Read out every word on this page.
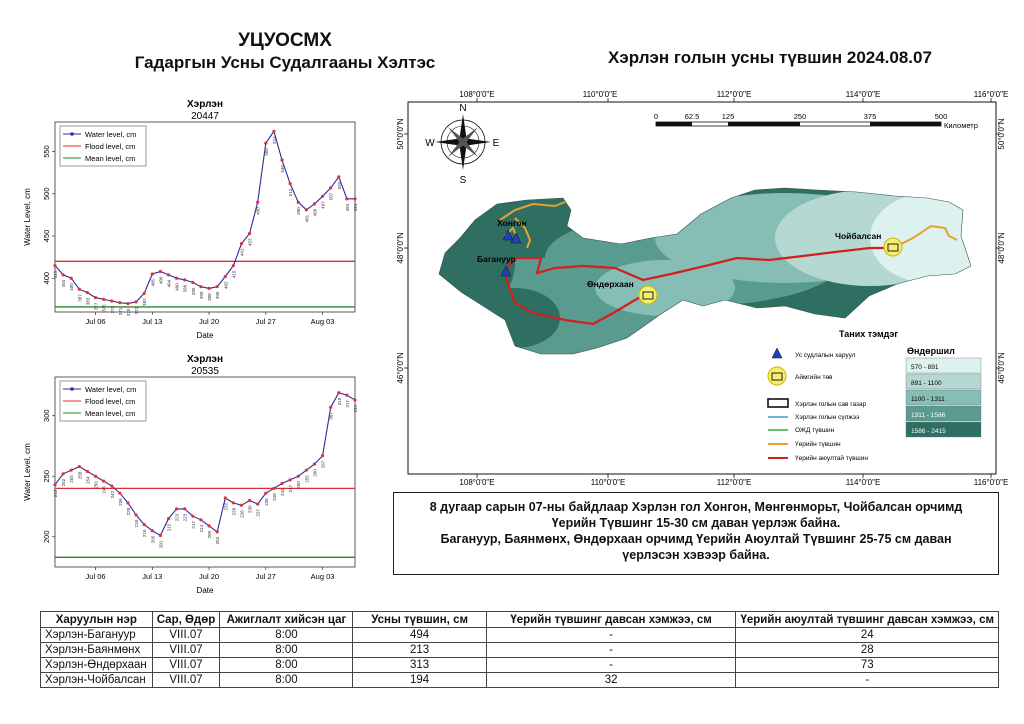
УЦУОСМХ
Гадаргын Усны Судалгааны Хэлтэс	Хэрлэн голын усны түвшин 2024.08.07
Хэрлэн
20447
415
404 400
387 383
377 375 373 371 370 372
382
405 408 404 400 398 395
390 388 390
402
415
441
453
490
560
574
540
512
490
481
488
497
507
520
494 494
400
450
500
550
Jul 06	Jul 13	Jul 20	Jul 27	Aug 03
Date
Water Level, cm
Water level, cm
Flood level, cm
Mean level, cm
Хэрлэн
20535
243
252 255 258
254
250
246
242
236
228
218
210
205
201
215
223 223
217 214
209
204
232
228 226
230 227
236
240
244 247 250
255
260
267
307
319 317
313
200
250
300
Jul 06	Jul 13	Jul 20	Jul 27	Aug 03
Date
Water Level, cm
Water level, cm
Flood level, cm
Mean level, cm
108°0'0"E	110°0'0"E	112°0'0"E	114°0'0"E	116°0'0"E
108°0'0"E	110°0'0"E	112°0'0"E	114°0'0"E	116°0'0"E
50°0'0"N
48°0'0"N
46°0'0"N
50°0'0"N
48°0'0"N
46°0'0"N
N
S
E
W
0	62.5	125	250	375	500
Километр
Хонгон
Багануур
Өндөрхаан
Чойбалсан
Таних тэмдэг
Ус судлалын харуул
Аймгийн төв
Хэрлэн голын сав газар
Хэрлэн голын сүлжээ
ОЖД түвшин
Үерийн түвшин
Үерийн аюултай түвшин
Өндөршил
570 - 891
891 - 1100
1100 - 1311
1311 - 1586
1586 - 2415
8 дугаар сарын 07-ны байдлаар Хэрлэн гол Хонгон, Мөнгөнморьт, Чойбалсан орчимд
Үерийн Түвшинг 15-30 см даван үерлэж байна.
Багануур, Баянмөнх, Өндөрхаан орчимд Үерийн Аюултай Түвшинг 25-75 см даван
үерлэсэн хэвээр байна.
Харуулын нэр	Сар, Өдөр	Ажиглалт хийсэн цаг	Усны түвшин, см	Үерийн түвшинг давсан хэмжээ, см	Үерийн аюултай түвшинг давсан хэмжээ, см
Хэрлэн-Багануур	VIII.07	8:00	494	-	24
Хэрлэн-Баянмөнх	VIII.07	8:00	213	-	28
Хэрлэн-Өндөрхаан	VIII.07	8:00	313	-	73
Хэрлэн-Чойбалсан	VIII.07	8:00	194	32	-
